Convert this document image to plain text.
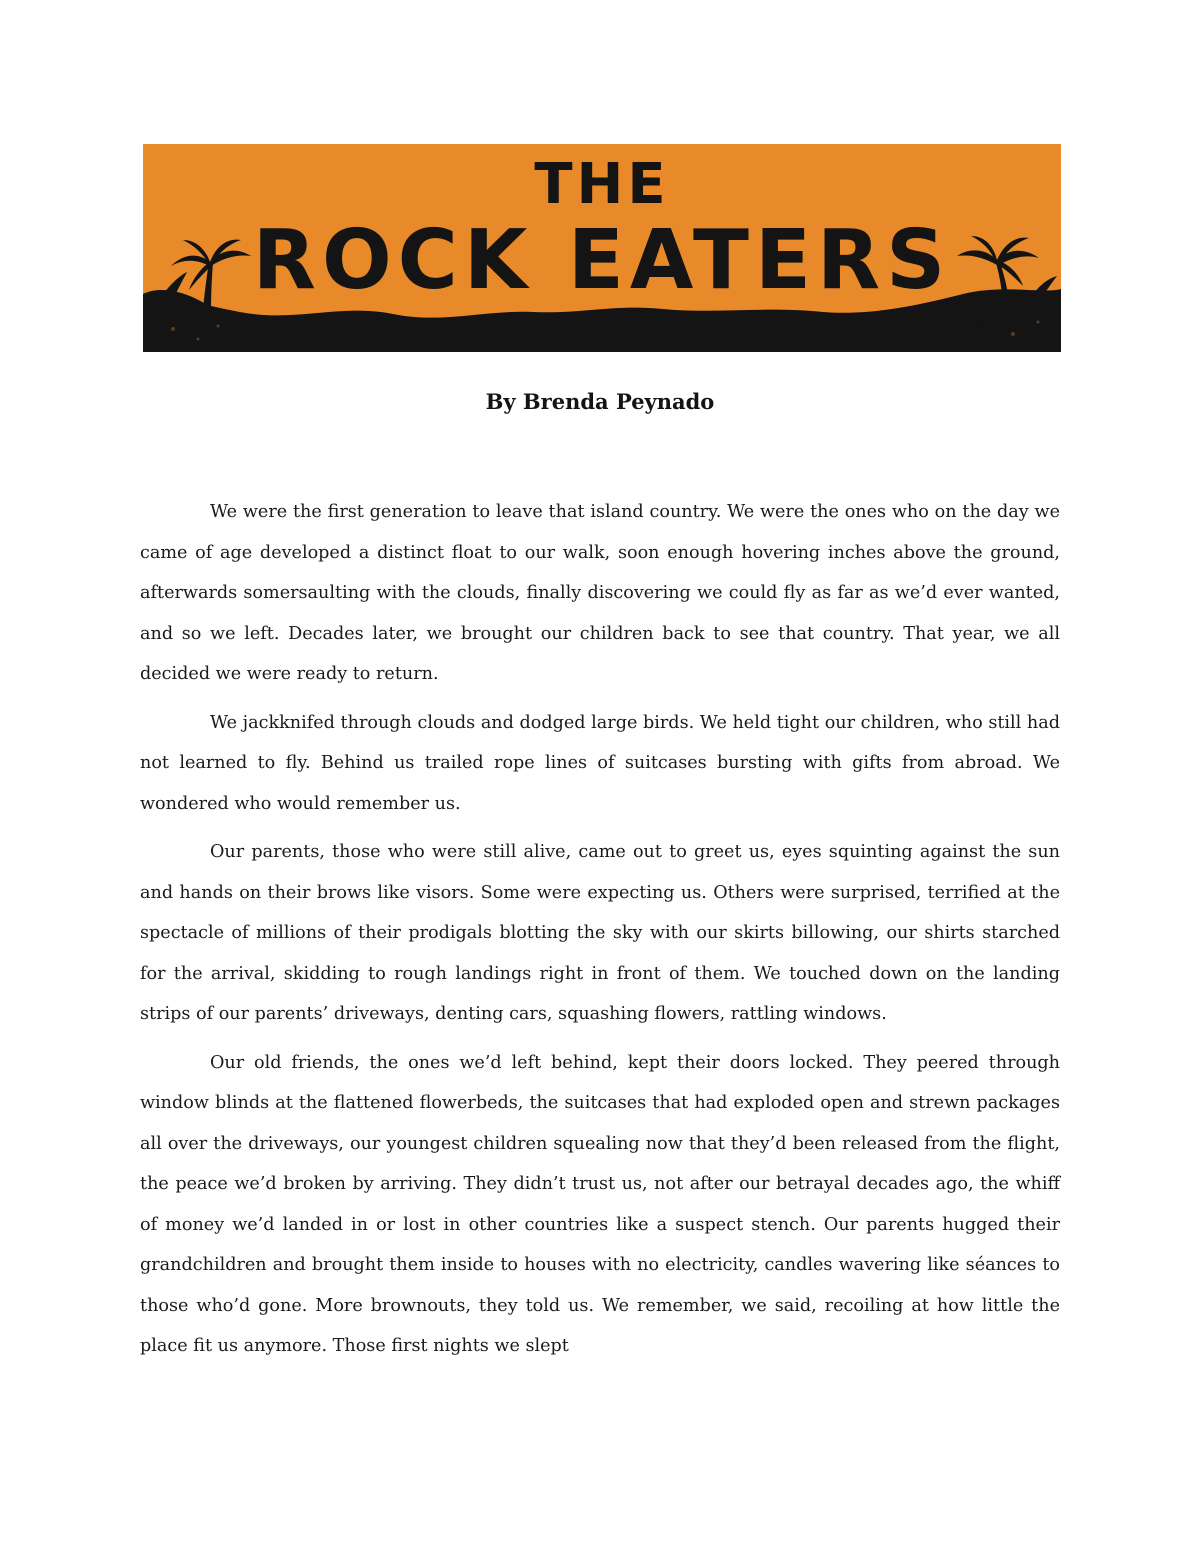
THE
ROCK EATERS
By Brenda Peynado

We were the first generation to leave that island country. We were the ones who on the day we came of age developed a distinct float to our walk, soon enough hovering inches above the ground, afterwards somersaulting with the clouds, finally discovering we could fly as far as we’d ever wanted, and so we left. Decades later, we brought our children back to see that country. That year, we all decided we were ready to return.

We jackknifed through clouds and dodged large birds. We held tight our children, who still had not learned to fly. Behind us trailed rope lines of suitcases bursting with gifts from abroad. We wondered who would remember us.

Our parents, those who were still alive, came out to greet us, eyes squinting against the sun and hands on their brows like visors. Some were expecting us. Others were surprised, terrified at the spectacle of millions of their prodigals blotting the sky with our skirts billowing, our shirts starched for the arrival, skidding to rough landings right in front of them. We touched down on the landing strips of our parents’ driveways, denting cars, squashing flowers, rattling windows.

Our old friends, the ones we’d left behind, kept their doors locked. They peered through window blinds at the flattened flowerbeds, the suitcases that had exploded open and strewn packages all over the driveways, our youngest children squealing now that they’d been released from the flight, the peace we’d broken by arriving. They didn’t trust us, not after our betrayal decades ago, the whiff of money we’d landed in or lost in other countries like a suspect stench. Our parents hugged their grandchildren and brought them inside to houses with no electricity, candles wavering like séances to those who’d gone. More brownouts, they told us. We remember, we said, recoiling at how little the place fit us anymore. Those first nights we slept
